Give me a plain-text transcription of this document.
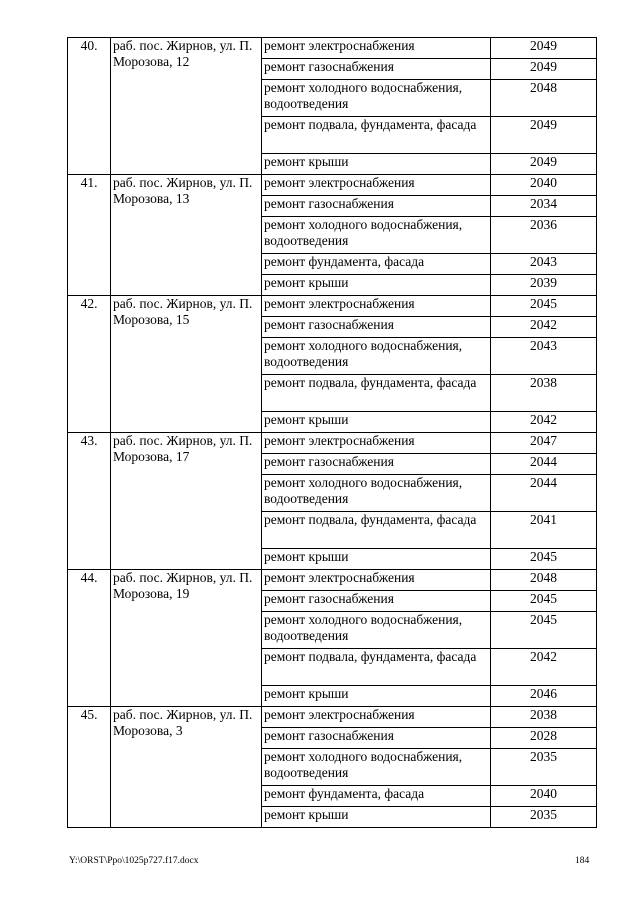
40.	раб. пос. Жирнов, ул. П. Морозова, 12	ремонт электроснабжения	2049
		ремонт газоснабжения	2049
		ремонт холодного водоснабжения, водоотведения	2048
		ремонт подвала, фундамента, фасада	2049
		ремонт крыши	2049
41.	раб. пос. Жирнов, ул. П. Морозова, 13	ремонт электроснабжения	2040
		ремонт газоснабжения	2034
		ремонт холодного водоснабжения, водоотведения	2036
		ремонт фундамента, фасада	2043
		ремонт крыши	2039
42.	раб. пос. Жирнов, ул. П. Морозова, 15	ремонт электроснабжения	2045
		ремонт газоснабжения	2042
		ремонт холодного водоснабжения, водоотведения	2043
		ремонт подвала, фундамента, фасада	2038
		ремонт крыши	2042
43.	раб. пос. Жирнов, ул. П. Морозова, 17	ремонт электроснабжения	2047
		ремонт газоснабжения	2044
		ремонт холодного водоснабжения, водоотведения	2044
		ремонт подвала, фундамента, фасада	2041
		ремонт крыши	2045
44.	раб. пос. Жирнов, ул. П. Морозова, 19	ремонт электроснабжения	2048
		ремонт газоснабжения	2045
		ремонт холодного водоснабжения, водоотведения	2045
		ремонт подвала, фундамента, фасада	2042
		ремонт крыши	2046
45.	раб. пос. Жирнов, ул. П. Морозова, 3	ремонт электроснабжения	2038
		ремонт газоснабжения	2028
		ремонт холодного водоснабжения, водоотведения	2035
		ремонт фундамента, фасада	2040
		ремонт крыши	2035
Y:\ORST\Ppo\1025p727.f17.docx	184
